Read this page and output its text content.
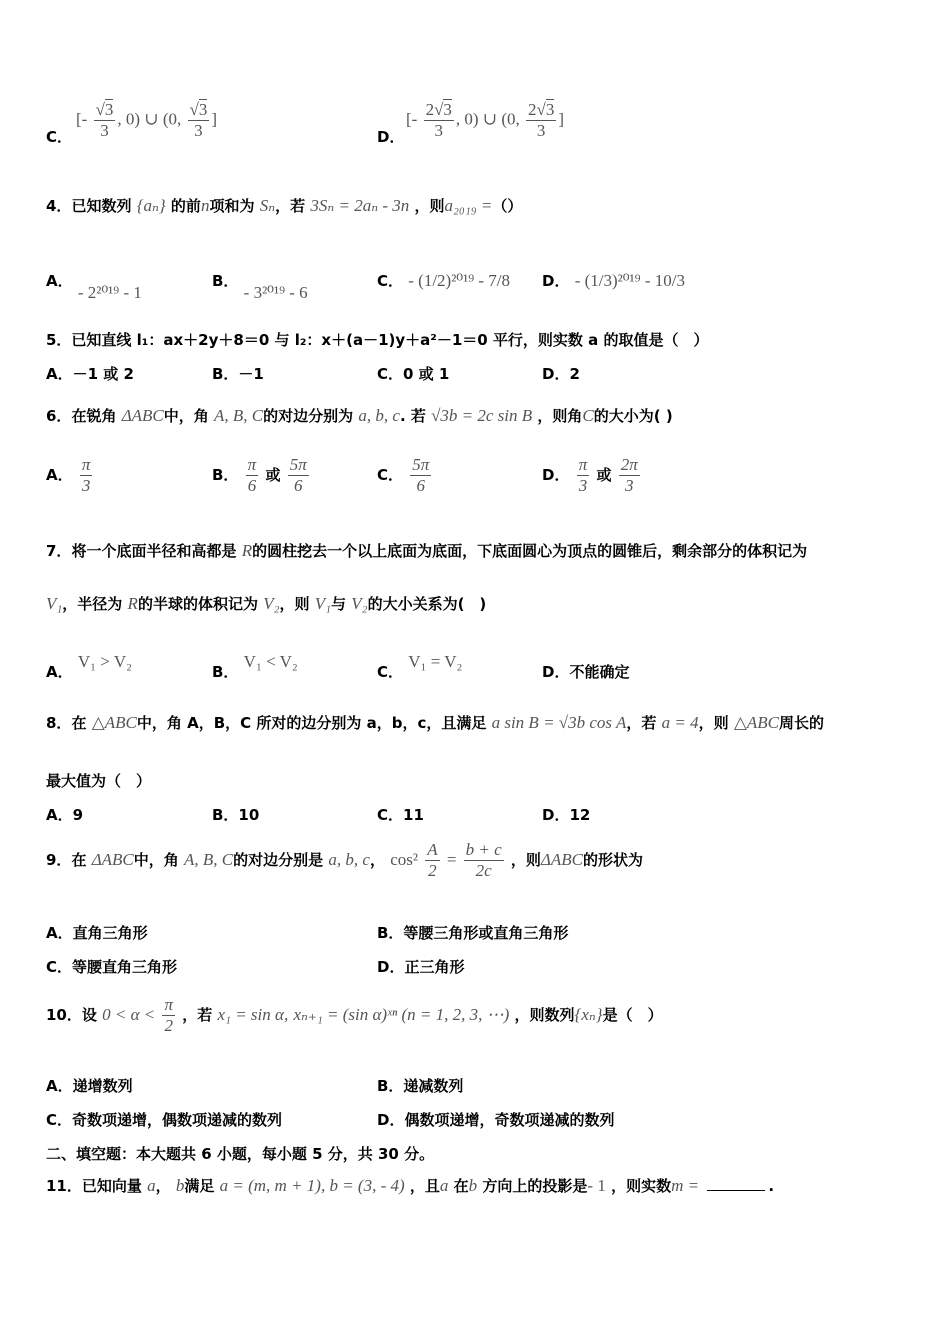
C．
[- $\frac{√3}{3}$ , 0) ∪ (0, $\frac{√3}{3}$ ]
D．
[- $\frac{2√3}{3}$ , 0) ∪ (0, $\frac{2√3}{3}$ ]
4．已知数列 {aₙ} 的前n项和为 Sₙ，若 3Sₙ = 2aₙ - 3n ，则a₂₀₁₉ =（）
A． - 2²⁰¹⁹ - 1
B． - 3²⁰¹⁹ - 6
C． - (1/2)²⁰¹⁹ - 7/8 D． - (1/3)²⁰¹⁹ - 10/3
5．已知直线 l₁：ax＋2y＋8＝0 与 l₂：x＋(a－1)y＋a²－1＝0 平行，则实数 a 的取值是（　）
A．－1 或 2	B．－1	C．0 或 1	D．2
6．在锐角 ΔABC中，角 A, B, C的对边分别为 a, b, c. 若 √3b = 2c sin B ，则角C的大小为( )
A． $\frac{\pi}{3}$	B． $\frac{\pi}{6}$ 或 $\frac{5\pi}{6}$	C． $\frac{5\pi}{6}$	D． $\frac{\pi}{3}$ 或 $\frac{2\pi}{3}$
7．将一个底面半径和高都是 R的圆柱挖去一个以上底面为底面，下底面圆心为顶点的圆锥后，剩余部分的体积记为
V₁，半径为 R的半球的体积记为 V₂，则 V₁与 V₂的大小关系为(　)
A． V₁ > V₂
B． V₁ < V₂
C． V₁ = V₂
D．不能确定
8．在 △ABC中，角 A，B，C 所对的边分别为 a，b，c，且满足 a sin B = √3b cos A，若 a = 4，则 △ABC周长的
最大值为（　）
A．9	B．10	C．11	D．12
9．在 ΔABC中，角 A, B, C的对边分别是 a, b, c， $\cos^2 \frac{A}{2} = \frac{b + c}{2c}$ ，则ΔABC的形状为
A．直角三角形	B．等腰三角形或直角三角形
C．等腰直角三角形	D．正三角形
10．设 $0 < \alpha < \frac{\pi}{2}$ ，若 x₁ = sin α, xₙ₊₁ = (sin α)ˣⁿ (n = 1, 2, 3, ⋯) ，则数列{xₙ}是（　）
A．递增数列	B．递减数列
C．奇数项递增，偶数项递减的数列	D．偶数项递增，奇数项递减的数列
二、填空题：本大题共 6 小题，每小题 5 分，共 30 分。
11．已知向量 a， b满足 a = (m, m + 1), b = (3, - 4) ，且a 在b 方向上的投影是- 1 ，则实数m =	.
